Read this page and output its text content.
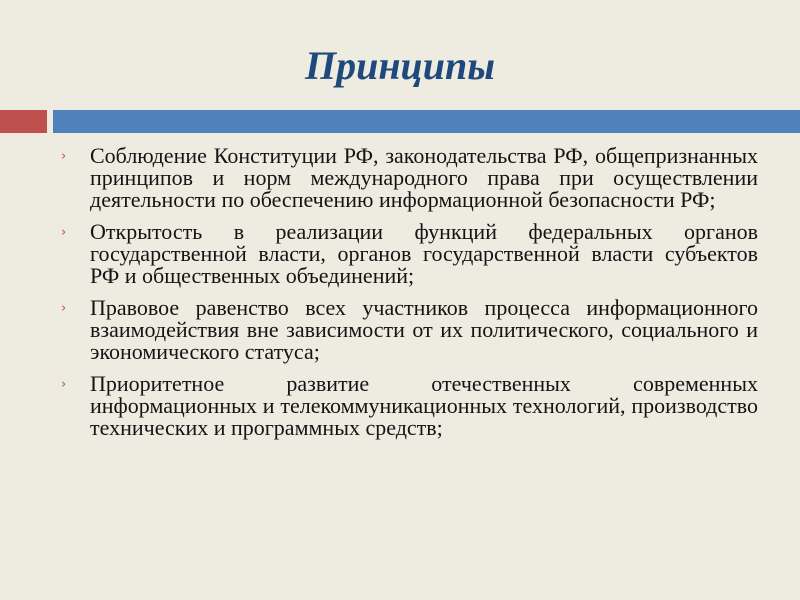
Принципы
› Соблюдение Конституции РФ, законодательства РФ, общепризнанных принципов и норм международного права при осуществлении деятельности по обеспечению информационной безопасности РФ;
› Открытость в реализации функций федеральных органов государственной власти, органов государственной власти субъектов РФ и общественных объединений;
› Правовое равенство всех участников процесса информационного взаимодействия вне зависимости от их политического, социального и экономического статуса;
› Приоритетное развитие отечественных современных информационных и телекоммуникационных технологий, производство технических и программных средств;
